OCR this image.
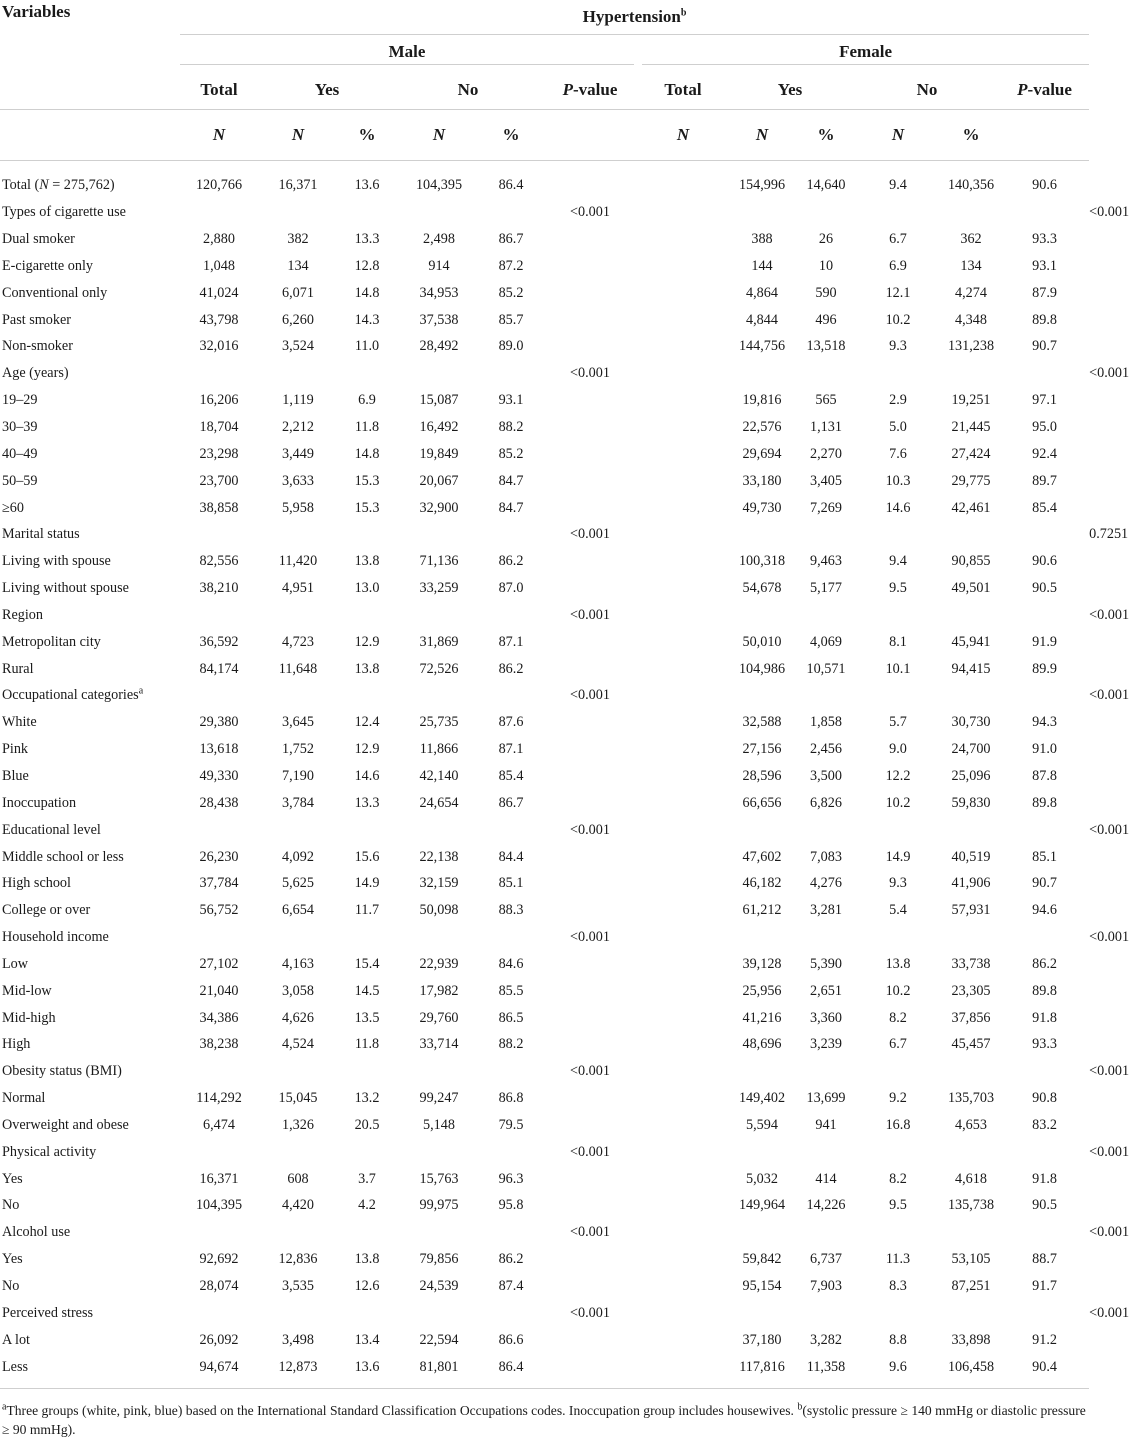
Variables	Hypertension$^b$

	Male						Female						

	Total	Yes		No		P-value	Total	Yes		No		P-value	
	N	N	%	N	%		N	N	%	N	%		
Total (N = 275,762)	120,766	16,371	13.6	104,395	86.4			154,996	14,640	9.4	140,356	90.6	
Types of cigarette use						<0.001							<0.001
Dual smoker	2,880	382	13.3	2,498	86.7			388	26	6.7	362	93.3	
E-cigarette only	1,048	134	12.8	914	87.2			144	10	6.9	134	93.1	
Conventional only	41,024	6,071	14.8	34,953	85.2			4,864	590	12.1	4,274	87.9	
Past smoker	43,798	6,260	14.3	37,538	85.7			4,844	496	10.2	4,348	89.8	
Non-smoker	32,016	3,524	11.0	28,492	89.0			144,756	13,518	9.3	131,238	90.7	
Age (years)						<0.001							<0.001
19–29	16,206	1,119	6.9	15,087	93.1			19,816	565	2.9	19,251	97.1	
30–39	18,704	2,212	11.8	16,492	88.2			22,576	1,131	5.0	21,445	95.0	
40–49	23,298	3,449	14.8	19,849	85.2			29,694	2,270	7.6	27,424	92.4	
50–59	23,700	3,633	15.3	20,067	84.7			33,180	3,405	10.3	29,775	89.7	
≥60	38,858	5,958	15.3	32,900	84.7			49,730	7,269	14.6	42,461	85.4	
Marital status						<0.001							0.7251
Living with spouse	82,556	11,420	13.8	71,136	86.2			100,318	9,463	9.4	90,855	90.6	
Living without spouse	38,210	4,951	13.0	33,259	87.0			54,678	5,177	9.5	49,501	90.5	
Region						<0.001							<0.001
Metropolitan city	36,592	4,723	12.9	31,869	87.1			50,010	4,069	8.1	45,941	91.9	
Rural	84,174	11,648	13.8	72,526	86.2			104,986	10,571	10.1	94,415	89.9	
Occupational categories$^a$						<0.001							<0.001
White	29,380	3,645	12.4	25,735	87.6			32,588	1,858	5.7	30,730	94.3	
Pink	13,618	1,752	12.9	11,866	87.1			27,156	2,456	9.0	24,700	91.0	
Blue	49,330	7,190	14.6	42,140	85.4			28,596	3,500	12.2	25,096	87.8	
Inoccupation	28,438	3,784	13.3	24,654	86.7			66,656	6,826	10.2	59,830	89.8	
Educational level						<0.001							<0.001
Middle school or less	26,230	4,092	15.6	22,138	84.4			47,602	7,083	14.9	40,519	85.1	
High school	37,784	5,625	14.9	32,159	85.1			46,182	4,276	9.3	41,906	90.7	
College or over	56,752	6,654	11.7	50,098	88.3			61,212	3,281	5.4	57,931	94.6	
Household income						<0.001							<0.001
Low	27,102	4,163	15.4	22,939	84.6			39,128	5,390	13.8	33,738	86.2	
Mid-low	21,040	3,058	14.5	17,982	85.5			25,956	2,651	10.2	23,305	89.8	
Mid-high	34,386	4,626	13.5	29,760	86.5			41,216	3,360	8.2	37,856	91.8	
High	38,238	4,524	11.8	33,714	88.2			48,696	3,239	6.7	45,457	93.3	
Obesity status (BMI)						<0.001							<0.001
Normal	114,292	15,045	13.2	99,247	86.8			149,402	13,699	9.2	135,703	90.8	
Overweight and obese	6,474	1,326	20.5	5,148	79.5			5,594	941	16.8	4,653	83.2	
Physical activity						<0.001							<0.001
Yes	16,371	608	3.7	15,763	96.3			5,032	414	8.2	4,618	91.8	
No	104,395	4,420	4.2	99,975	95.8			149,964	14,226	9.5	135,738	90.5	
Alcohol use						<0.001							<0.001
Yes	92,692	12,836	13.8	79,856	86.2			59,842	6,737	11.3	53,105	88.7	
No	28,074	3,535	12.6	24,539	87.4			95,154	7,903	8.3	87,251	91.7	
Perceived stress						<0.001							<0.001
A lot	26,092	3,498	13.4	22,594	86.6			37,180	3,282	8.8	33,898	91.2	
Less	94,674	12,873	13.6	81,801	86.4			117,816	11,358	9.6	106,458	90.4	
$^a$Three groups (white, pink, blue) based on the International Standard Classification Occupations codes. Inoccupation group includes housewives. $^b$(systolic pressure ≥ 140 mmHg or diastolic pressure ≥ 90 mmHg).
